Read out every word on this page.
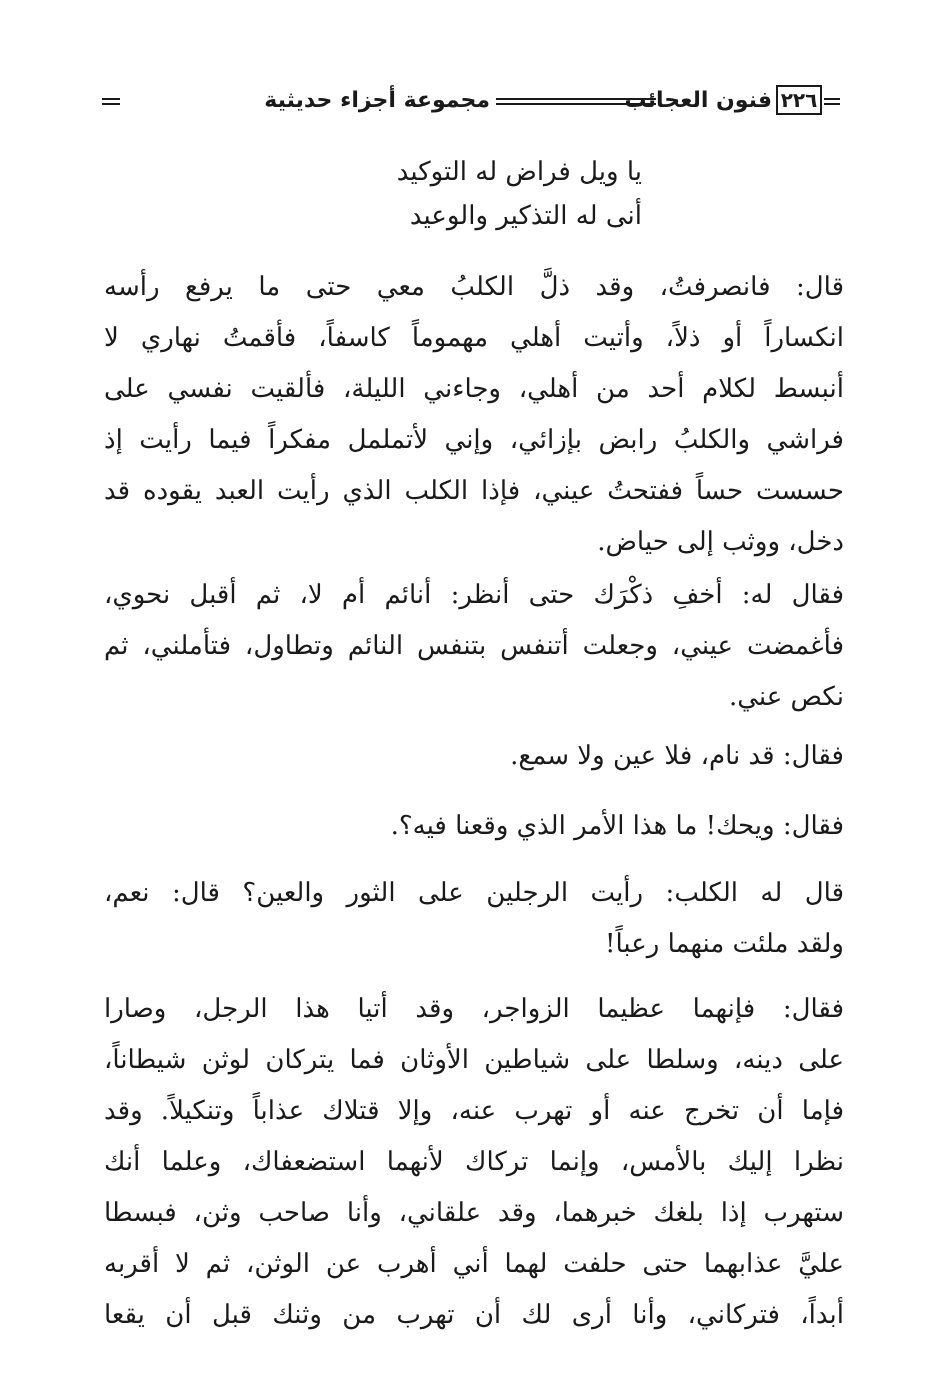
٢٢٦
فنون العجائب
مجموعة أجزاء حديثية
يا ويل فراض له التوكيد
أنى له التذكير والوعيد
قال: فانصرفتُ، وقد ذلَّ الكلبُ معي حتى ما يرفع رأسه
انكساراً أو ذلاً، وأتيت أهلي مهموماً كاسفاً، فأقمتُ نهاري لا
أنبسط لكلام أحد من أهلي، وجاءني الليلة، فألقيت نفسي على
فراشي والكلبُ رابض بإزائي، وإني لأتململ مفكراً فيما رأيت إذ
حسست حساً ففتحتُ عيني، فإذا الكلب الذي رأيت العبد يقوده قد
دخل، ووثب إلى حياض.
فقال له: أخفِ ذكْرَك حتى أنظر: أنائم أم لا، ثم أقبل نحوي،
فأغمضت عيني، وجعلت أتنفس بتنفس النائم وتطاول، فتأملني، ثم
نكص عني.
فقال: قد نام، فلا عين ولا سمع.
فقال: ويحك! ما هذا الأمر الذي وقعنا فيه؟.
قال له الكلب: رأيت الرجلين على الثور والعين؟ قال: نعم،
ولقد ملئت منهما رعباً!
فقال: فإنهما عظيما الزواجر، وقد أتيا هذا الرجل، وصارا
على دينه، وسلطا على شياطين الأوثان فما يتركان لوثن شيطاناً،
فإما أن تخرج عنه أو تهرب عنه، وإلا قتلاك عذاباً وتنكيلاً. وقد
نظرا إليك بالأمس، وإنما تركاك لأنهما استضعفاك، وعلما أنك
ستهرب إذا بلغك خبرهما، وقد علقاني، وأنا صاحب وثن، فبسطا
عليَّ عذابهما حتى حلفت لهما أني أهرب عن الوثن، ثم لا أقربه
أبداً، فتركاني، وأنا أرى لك أن تهرب من وثنك قبل أن يقعا
